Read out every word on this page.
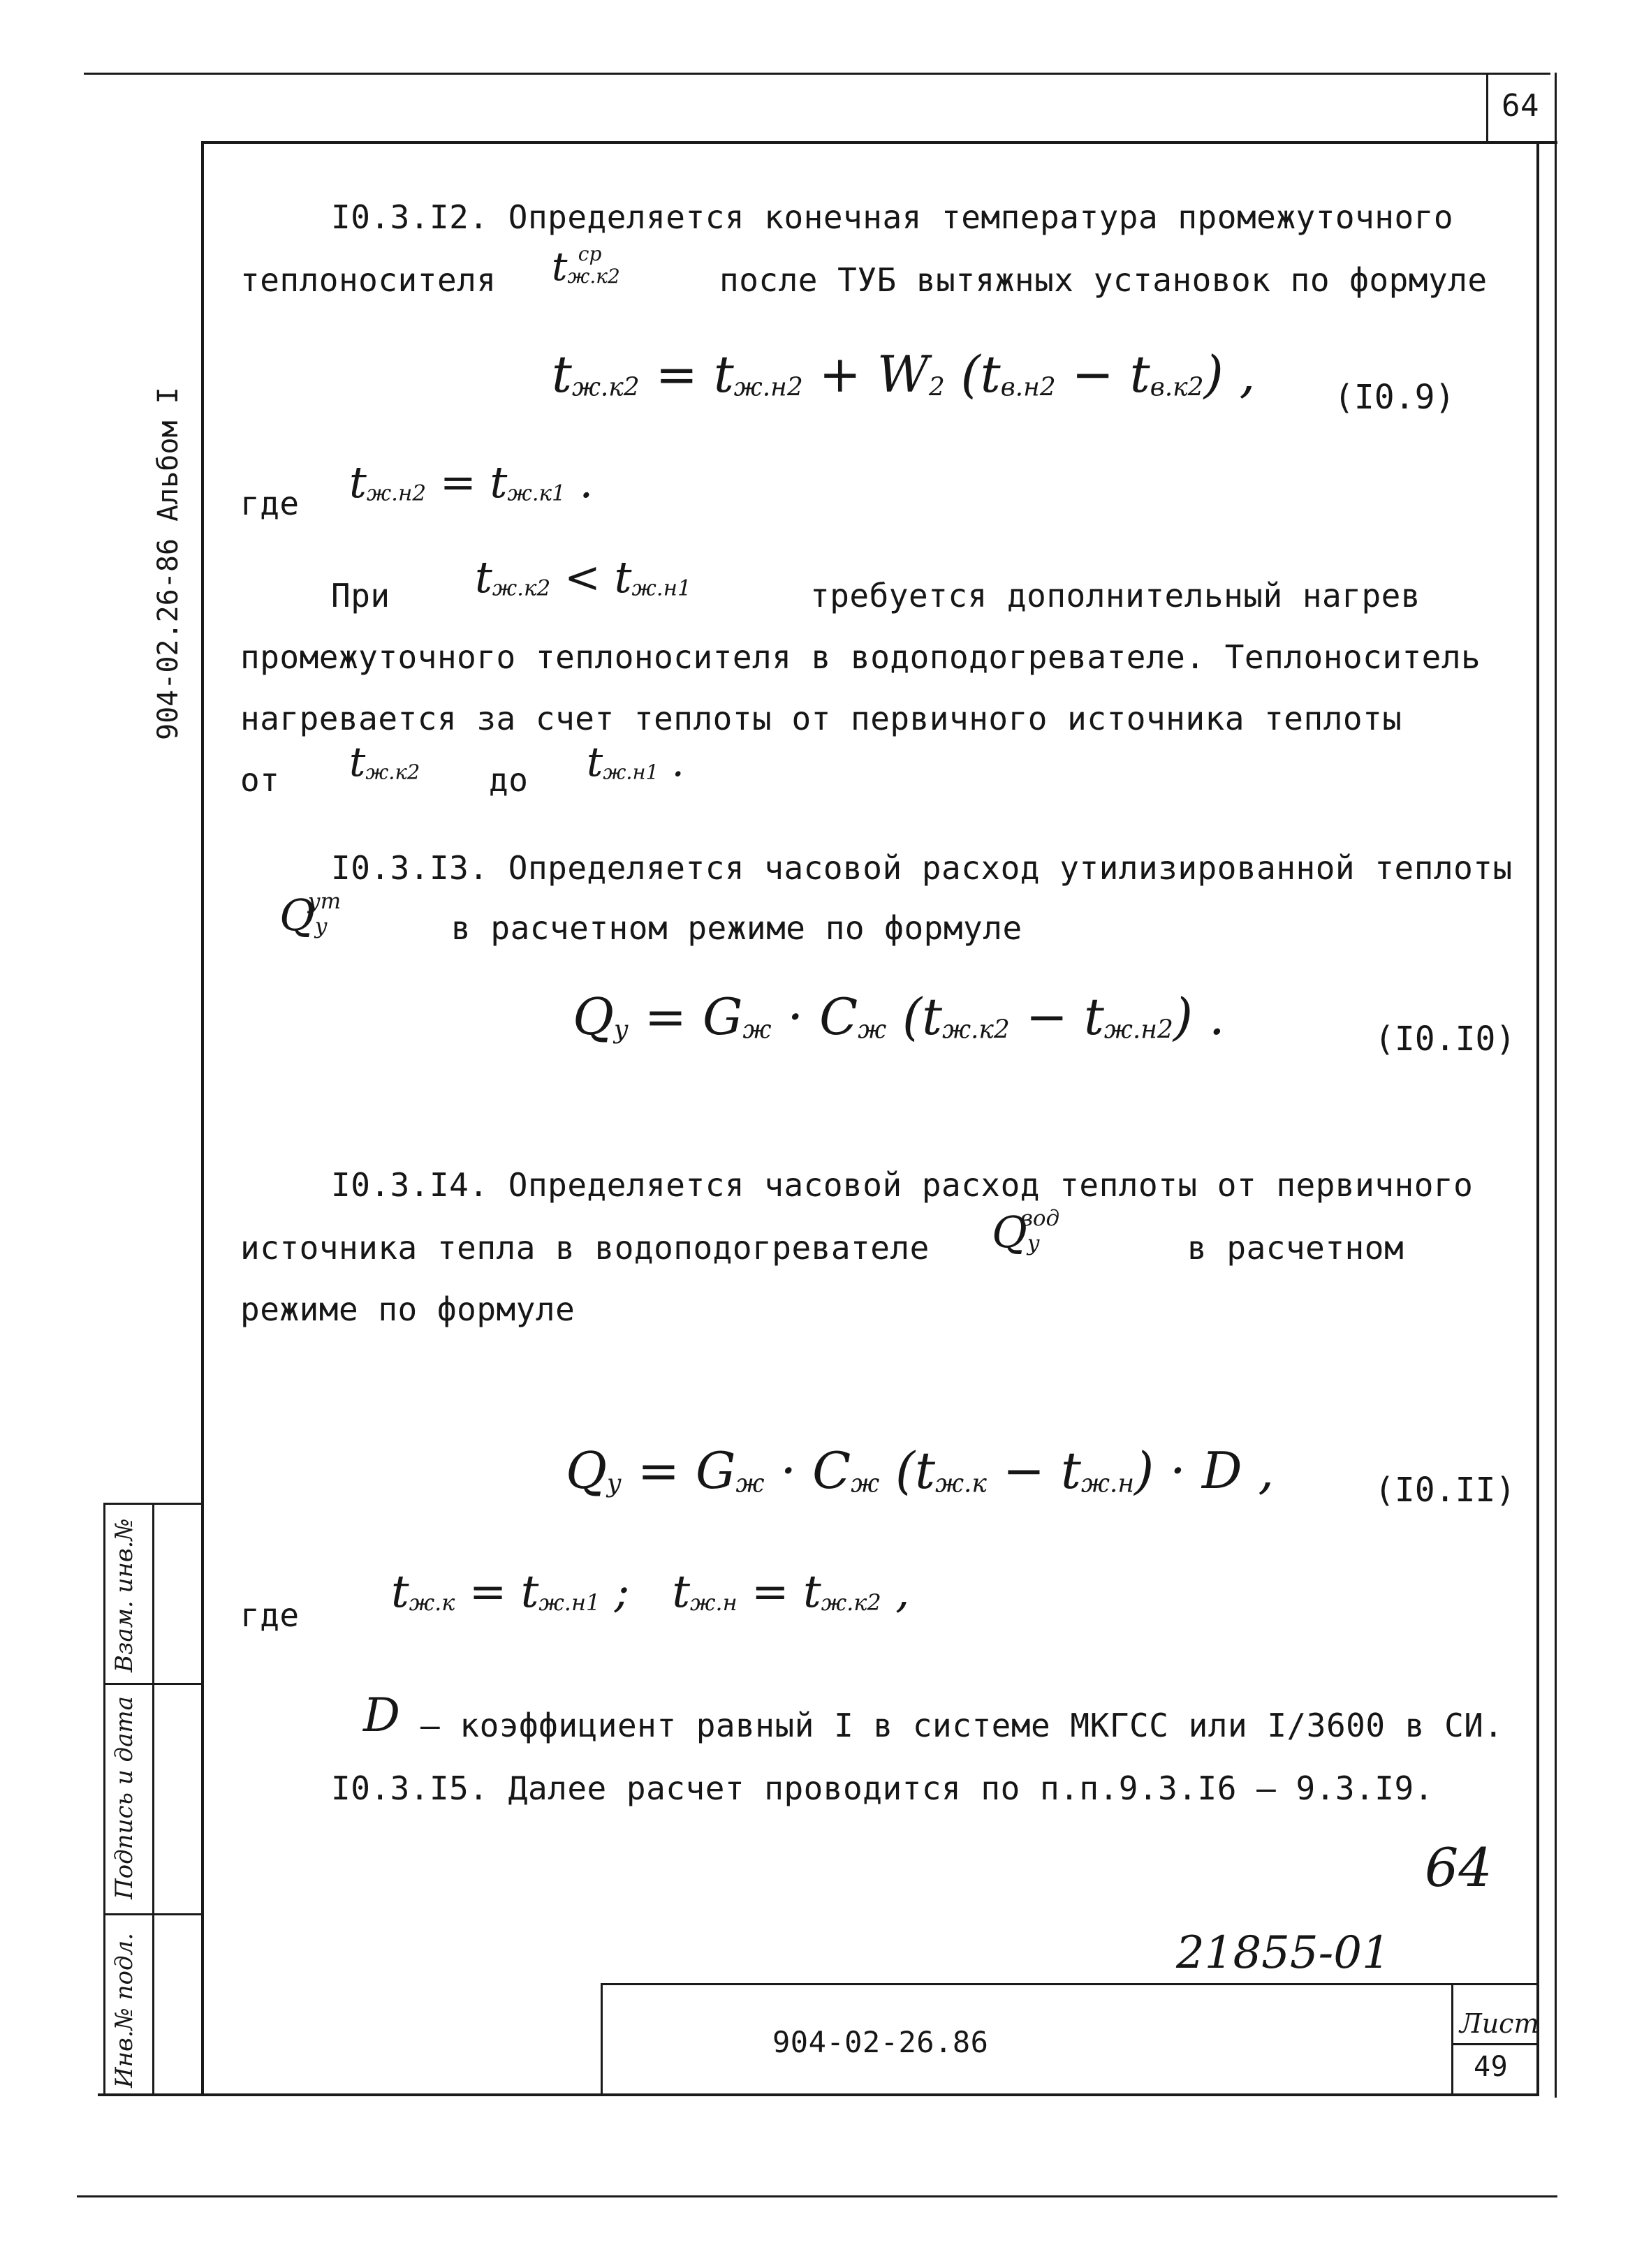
64
904-02.26-86 Альбом I
Взам. инв.№
Подпись и дата
Инв.№ подл.
I0.3.I2. Определяется конечная температура промежуточного
теплоносителя $t_{ж.к2}^{ср}$
после ТУБ вытяжных установок по формуле
$t_{ж.к2} = t_{ж.н2} + W_2$ $(t_{в.н2} - t_{в.к2})$ , (I0.9)
где $t_{ж.н2} = t_{ж.к1}$ .
При $t_{ж.к2} < t_{ж.н1}$	требуется дополнительный нагрев
промежуточного теплоносителя в водоподогревателе. Теплоноситель
нагревается за счет теплоты от первичного источника теплоты
от $t_{ж.к2}$ до $t_{ж.н1}$ .
I0.3.I3. Определяется часовой расход утилизированной теплоты
$Q_у^{ут}$
в расчетном режиме по формуле
$Q_у = G_ж \cdot C_ж$ $(t_{ж.к2} - t_{ж.н2})$ .	(I0.I0)
I0.3.I4. Определяется часовой расход теплоты от первичного
источника тепла в водоподогревателе $Q_у^{вод}$
в расчетном
режиме по формуле
$Q_у = G_ж \cdot C_ж$ $(t_{ж.к} - t_{ж.н}) \cdot D$ ,	(I0.II)
где $t_{ж.к} = t_{ж.н1}$ ;   $t_{ж.н} = t_{ж.к2}$ ,
D – коэффициент равный I в системе МКГСС или I/3600 в СИ.
I0.3.I5. Далее расчет проводится по п.п.9.3.I6 – 9.3.I9.
64
21855-01
904-02-26.86
Лист
49
